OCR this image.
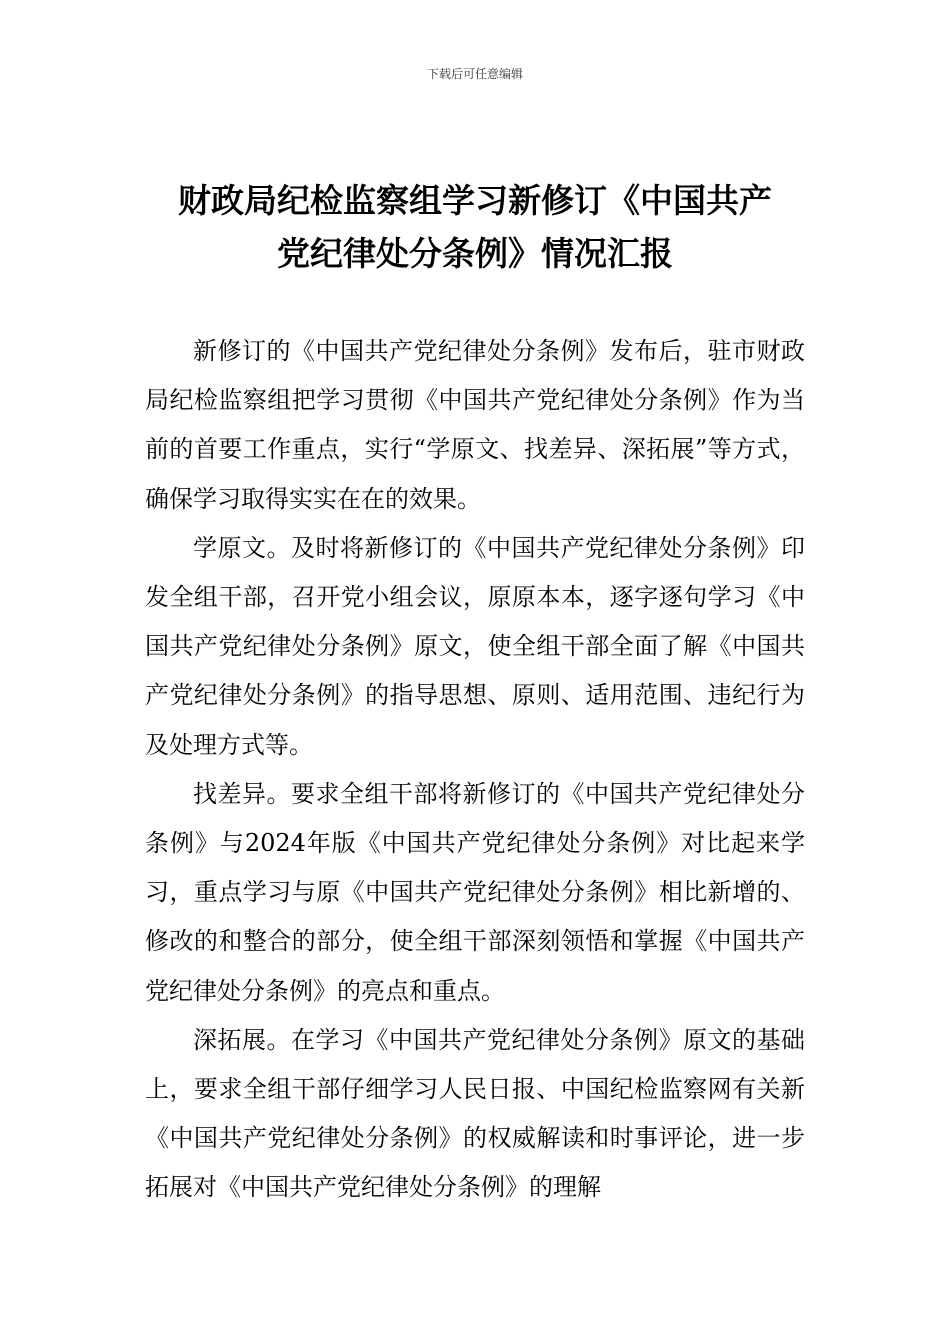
下载后可任意编辑
财政局纪检监察组学习新修订《中国共产
党纪律处分条例》情况汇报

新修订的《中国共产党纪律处分条例》发布后，驻市财政局纪检监察组把学习贯彻《中国共产党纪律处分条例》作为当前的首要工作重点，实行“学原文、找差异、深拓展”等方式，确保学习取得实实在在的效果。

学原文。及时将新修订的《中国共产党纪律处分条例》印发全组干部，召开党小组会议，原原本本，逐字逐句学习《中国共产党纪律处分条例》原文，使全组干部全面了解《中国共产党纪律处分条例》的指导思想、原则、适用范围、违纪行为及处理方式等。

找差异。要求全组干部将新修订的《中国共产党纪律处分条例》与2024年版《中国共产党纪律处分条例》对比起来学习，重点学习与原《中国共产党纪律处分条例》相比新增的、修改的和整合的部分，使全组干部深刻领悟和掌握《中国共产党纪律处分条例》的亮点和重点。

深拓展。在学习《中国共产党纪律处分条例》原文的基础上，要求全组干部仔细学习人民日报、中国纪检监察网有关新《中国共产党纪律处分条例》的权威解读和时事评论，进一步拓展对《中国共产党纪律处分条例》的理解
